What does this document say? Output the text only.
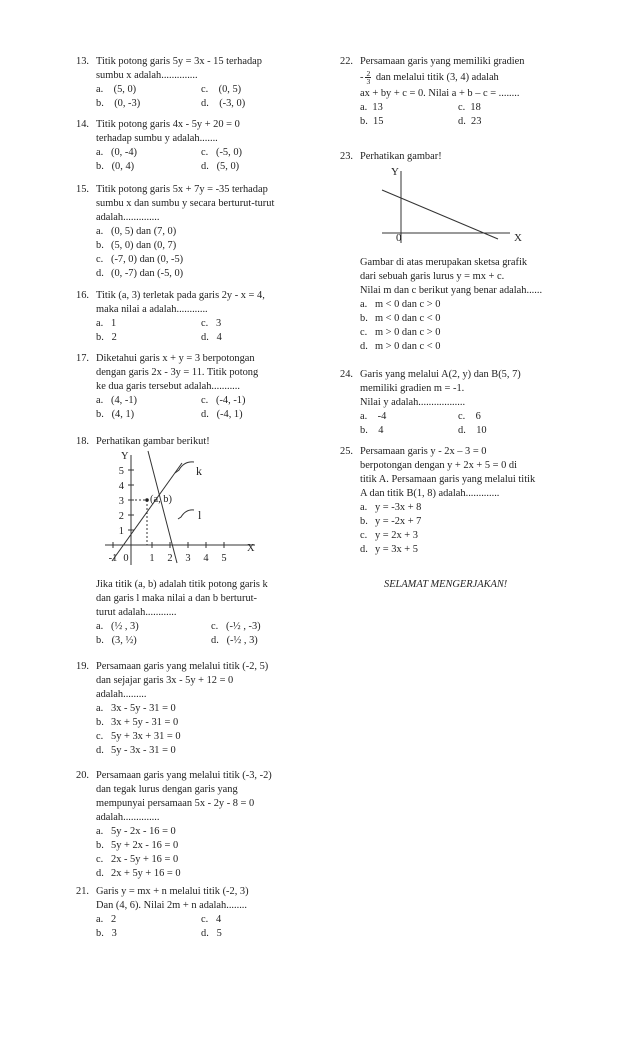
13. Titik potong garis 5y = 3x - 15 terhadap
sumbu x adalah..............
a. (5, 0)
b. (0, -3)
c. (0, 5)
d. (-3, 0)
14. Titik potong garis 4x - 5y + 20 = 0
terhadap sumbu y adalah.......
a. (0, -4)
b. (0, 4)
c. (-5, 0)
d. (5, 0)
15. Titik potong garis 5x + 7y = -35 terhadap
sumbu x dan sumbu y secara berturut-turut
adalah..............
a. (0, 5) dan (7, 0)
b. (5, 0) dan (0, 7)
c. (-7, 0) dan (0, -5)
d. (0, -7) dan (-5, 0)
16. Titik (a, 3) terletak pada garis 2y - x = 4,
maka nilai a adalah............
a. 1
b. 2
c. 3
d. 4
17. Diketahui garis x + y = 3 berpotongan
dengan garis 2x - 3y = 11. Titik potong
ke dua garis tersebut adalah...........
a. (4, -1)
b. (4, 1)
c. (-4, -1)
d. (-4, 1)
18. Perhatikan gambar berikut!
Y
X
5
4
3
2
1
-1 0 1 2 3 4 5
(a, b)
k
l
Jika titik (a, b) adalah titik potong garis k
dan garis l maka nilai a dan b berturut-
turut adalah............
a. (½ , 3)
b. (3, ½)
c. (-½ , -3)
d. (-½ , 3)
19. Persamaan garis yang melalui titik (-2, 5)
dan sejajar garis 3x - 5y + 12 = 0
adalah.........
a. 3x - 5y - 31 = 0
b. 3x + 5y - 31 = 0
c. 5y + 3x + 31 = 0
d. 5y - 3x - 31 = 0
20. Persamaan garis yang melalui titik (-3, -2)
dan tegak lurus dengan garis yang
mempunyai persamaan 5x - 2y - 8 = 0
adalah..............
a. 5y - 2x - 16 = 0
b. 5y + 2x - 16 = 0
c. 2x - 5y + 16 = 0
d. 2x + 5y + 16 = 0
21. Garis y = mx + n melalui titik (-2, 3)
Dan (4, 6). Nilai 2m + n adalah........
a. 2
b. 3
c. 4
d. 5
22. Persamaan garis yang memiliki gradien
- $\frac{2}{3}$ dan melalui titik (3, 4) adalah
ax + by + c = 0. Nilai a + b – c = ........
a. 13
b. 15
c. 18
d. 23
23. Perhatikan gambar!
Y
X
0
Gambar di atas merupakan sketsa grafik
dari sebuah garis lurus y = mx + c.
Nilai m dan c berikut yang benar adalah......
a. m < 0 dan c > 0
b. m < 0 dan c < 0
c. m > 0 dan c > 0
d. m > 0 dan c < 0
24. Garis yang melalui A(2, y) dan B(5, 7)
memiliki gradien m = -1.
Nilai y adalah..................
a. -4
b. 4
c. 6
d. 10
25. Persamaan garis y - 2x – 3 = 0
berpotongan dengan y + 2x + 5 = 0 di
titik A. Persamaan garis yang melalui titik
A dan titik B(1, 8) adalah.............
a. y = -3x + 8
b. y = -2x + 7
c. y = 2x + 3
d. y = 3x + 5
SELAMAT MENGERJAKAN!
